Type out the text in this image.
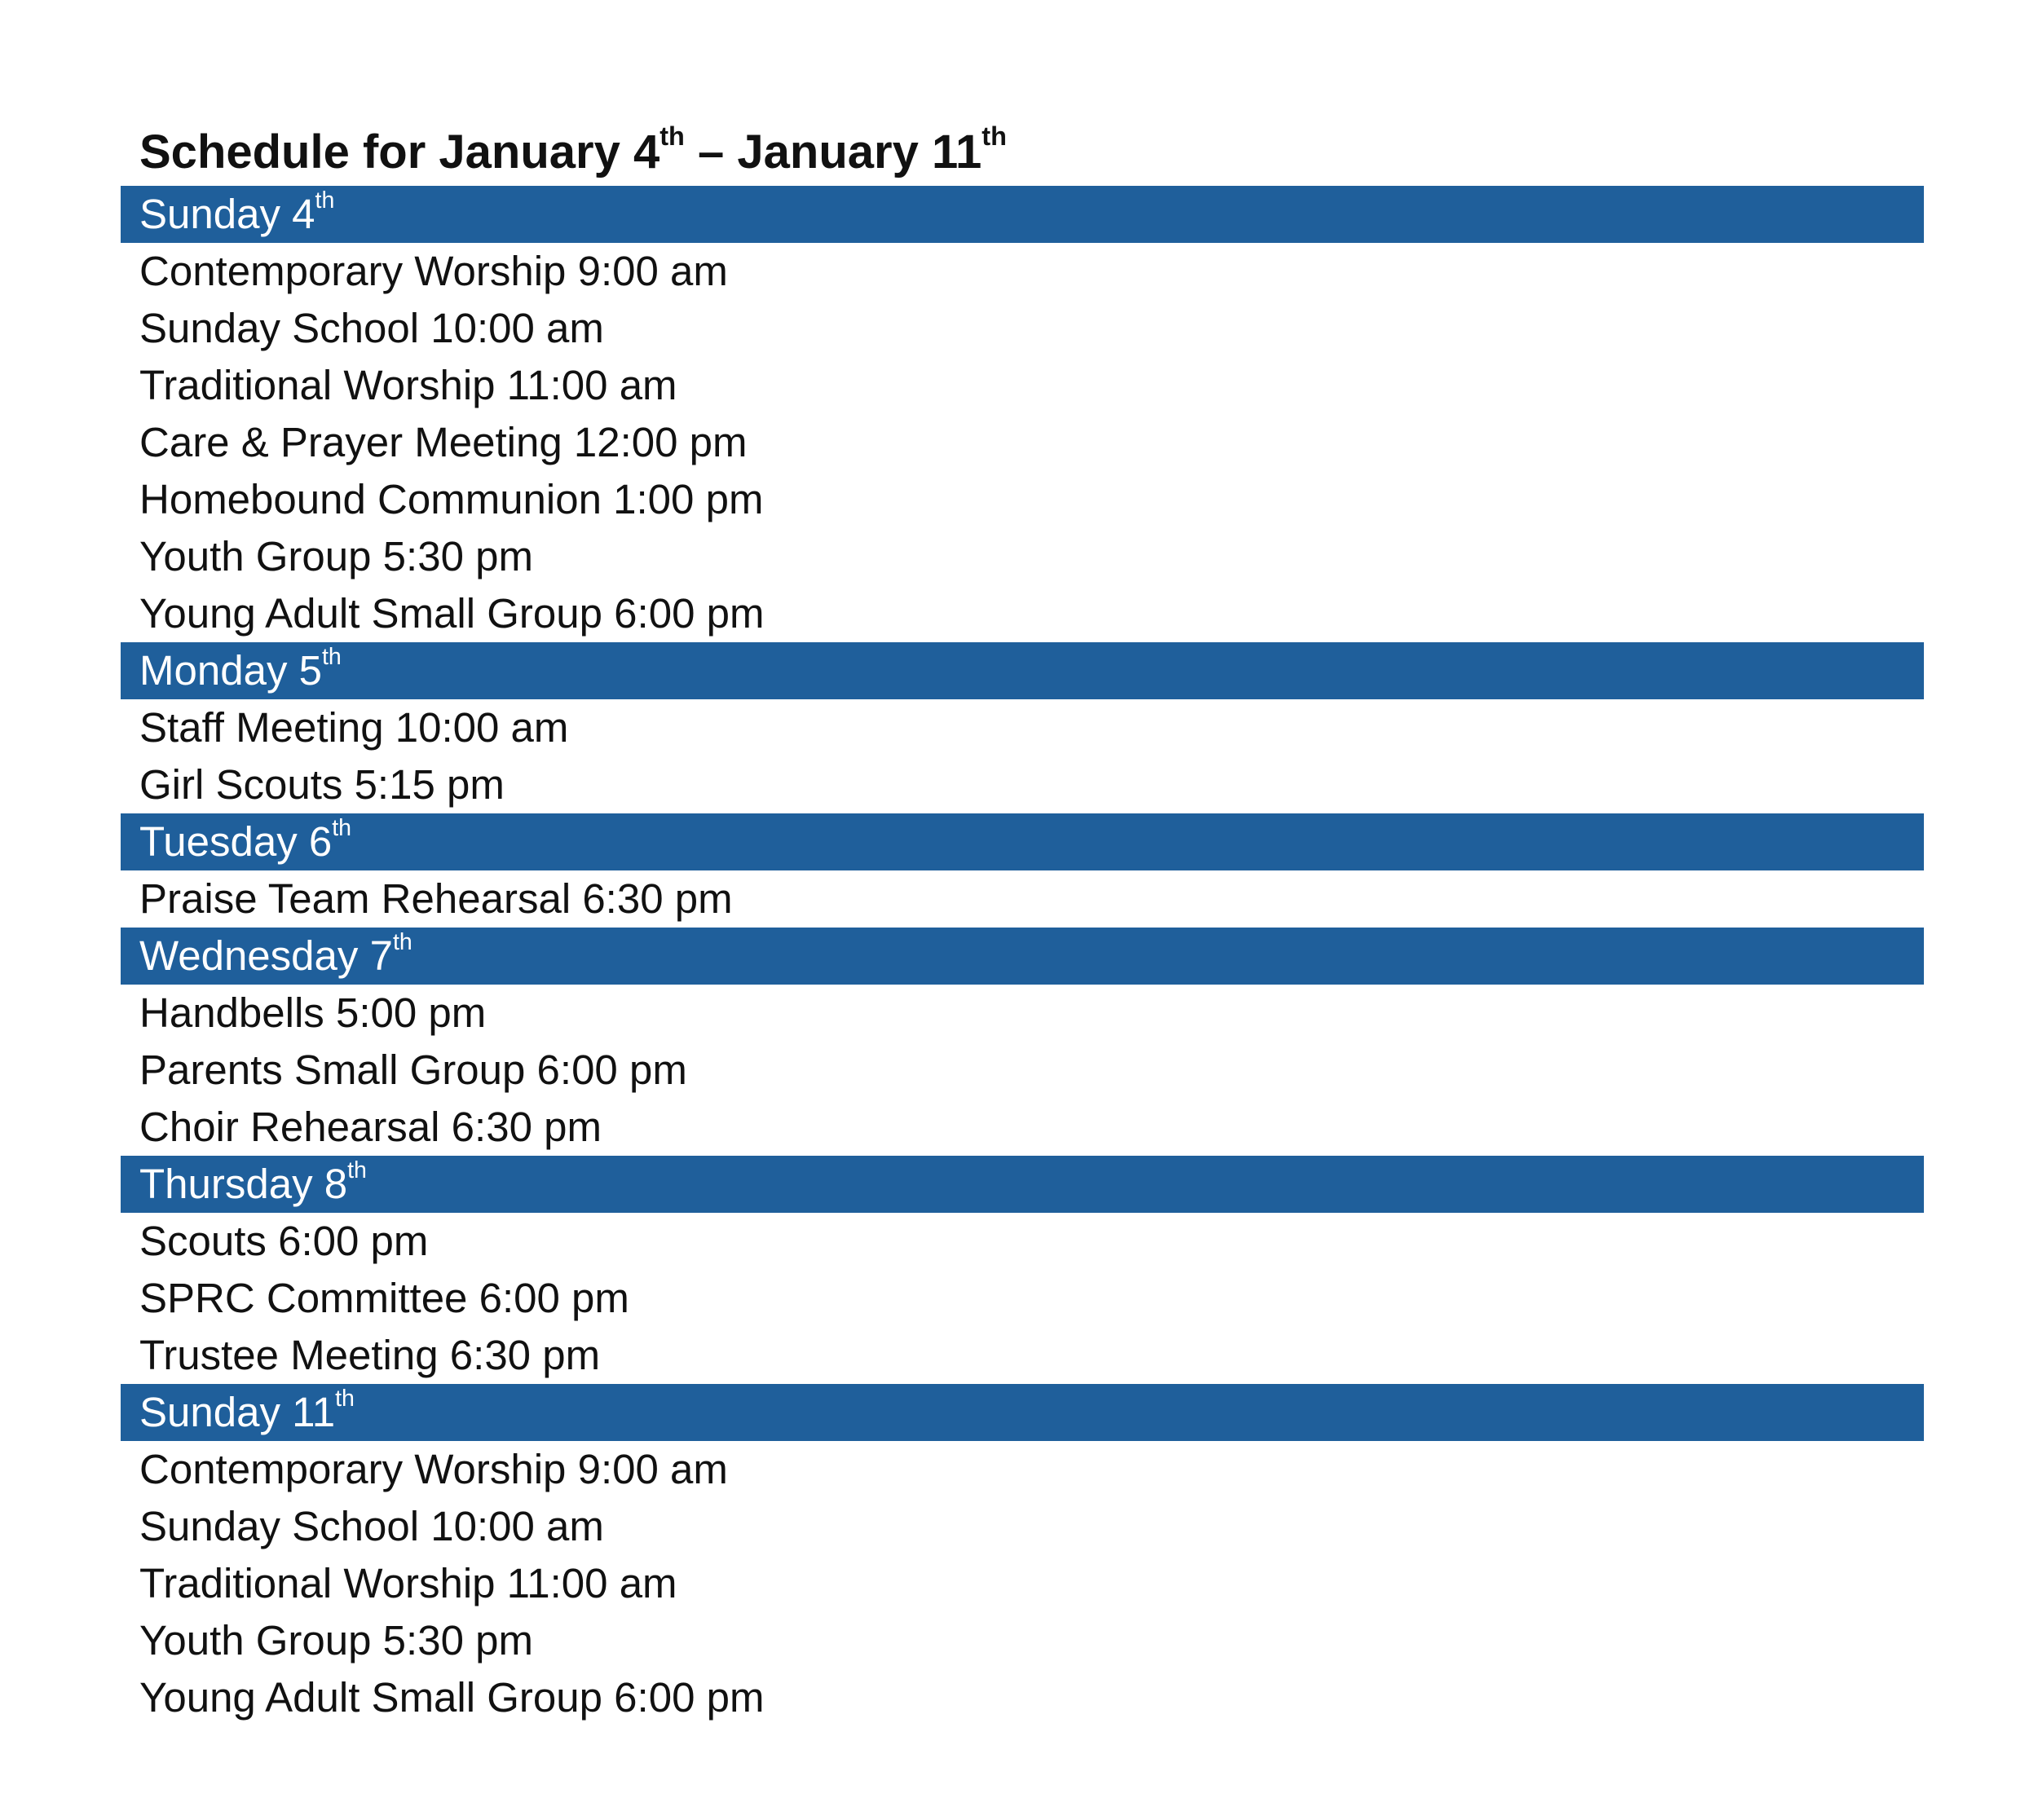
Schedule for January 4th – January 11th
Sunday 4th
Contemporary Worship 9:00 am
Sunday School 10:00 am
Traditional Worship 11:00 am
Care & Prayer Meeting 12:00 pm
Homebound Communion 1:00 pm
Youth Group 5:30 pm
Young Adult Small Group 6:00 pm
Monday 5th
Staff Meeting 10:00 am
Girl Scouts 5:15 pm
Tuesday 6th
Praise Team Rehearsal 6:30 pm
Wednesday 7th
Handbells 5:00 pm
Parents Small Group 6:00 pm
Choir Rehearsal 6:30 pm
Thursday 8th
Scouts 6:00 pm
SPRC Committee 6:00 pm
Trustee Meeting 6:30 pm
Sunday 11th
Contemporary Worship 9:00 am
Sunday School 10:00 am
Traditional Worship 11:00 am
Youth Group 5:30 pm
Young Adult Small Group 6:00 pm
